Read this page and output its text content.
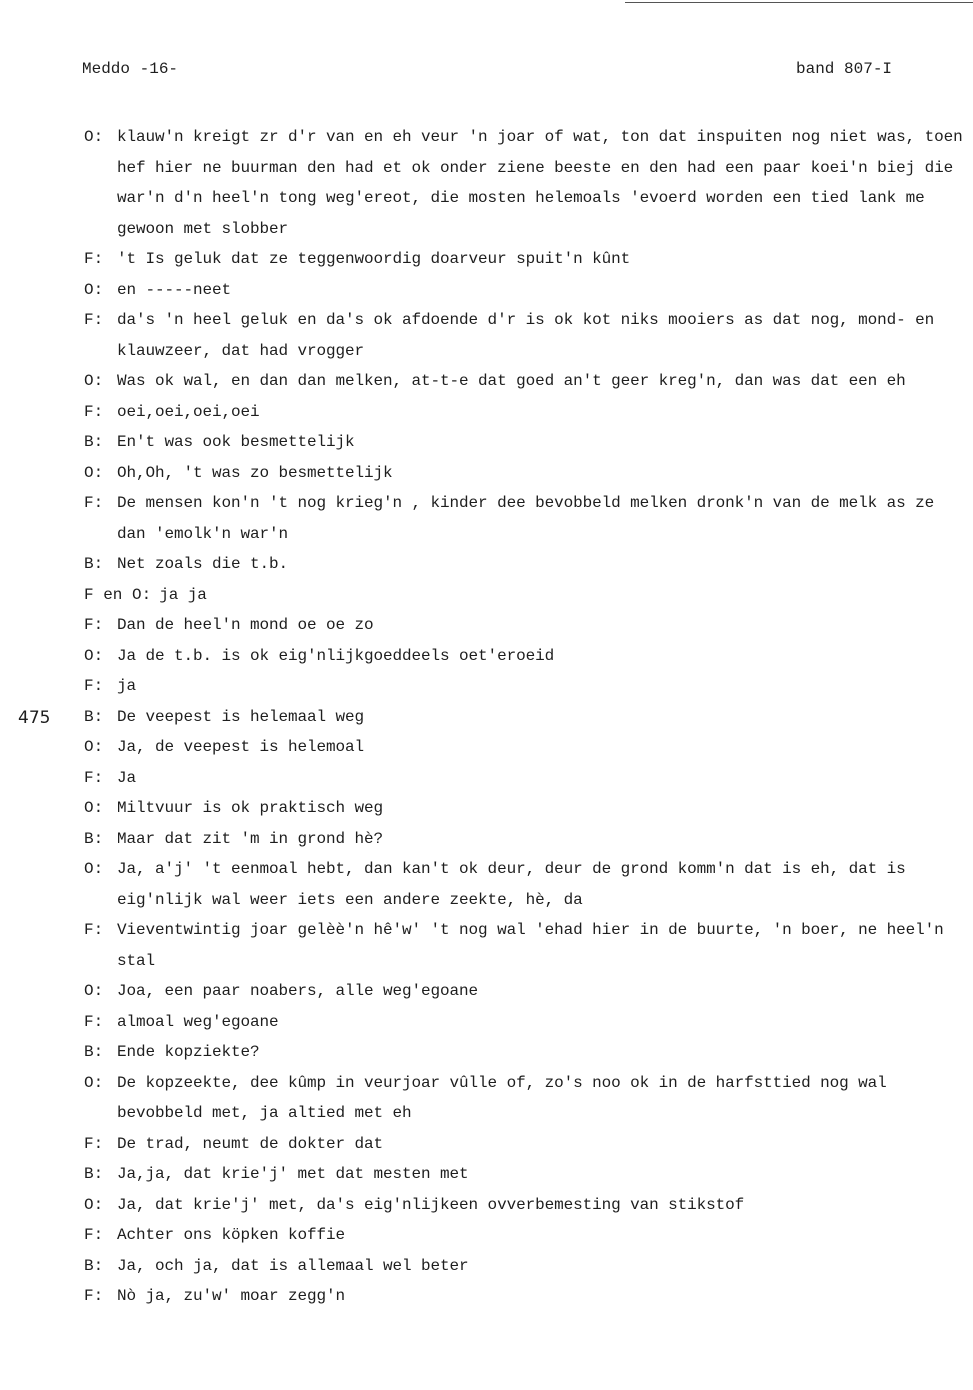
Meddo -16-	band 807-I
475
O: klauw'n kreigt zr d'r van en eh veur 'n joar of wat, ton dat inspuiten nog niet was, toen hef hier ne buurman den had et ok onder ziene beeste en den had een paar koei'n biej die war'n d'n heel'n tong weg'ereot, die mosten helemoals 'evoerd worden een tied lank me gewoon met slobber
F: 't Is geluk dat ze teggenwoordig doarveur spuit'n kûnt
O: en -----neet
F: da's 'n heel geluk en da's ok afdoende d'r is ok kot niks mooiers as dat nog, mond- en klauwzeer, dat had vrogger
O: Was ok wal, en dan dan melken, at-t-e dat goed an't geer kreg'n, dan was dat een eh
F: oei,oei,oei,oei
B: En't was ook besmettelijk
O: Oh,Oh, 't was zo besmettelijk
F: De mensen kon'n 't nog krieg'n , kinder dee bevobbeld melken dronk'n van de melk as ze dan 'emolk'n war'n
B: Net zoals die t.b.
F en O: ja ja
F: Dan de heel'n mond oe oe zo
O: Ja de t.b. is ok eig'nlijkgoeddeels oet'eroeid
F: ja
B: De veepest is helemaal weg
O: Ja, de veepest is helemoal
F: Ja
O: Miltvuur is ok praktisch weg
B: Maar dat zit 'm in grond hè?
O: Ja, a'j' 't eenmoal hebt, dan kan't ok deur, deur de grond komm'n dat is eh, dat is eig'nlijk wal weer iets een andere zeekte, hè, da
F: Vieventwintig joar gelèè'n hê'w' 't nog wal 'ehad hier in de buurte, 'n boer, ne heel'n stal
O: Joa, een paar noabers, alle weg'egoane
F: almoal weg'egoane
B: Ende kopziekte?
O: De kopzeekte, dee kûmp in veurjoar vûlle of, zo's noo ok in de harfsttied nog wal bevobbeld met, ja altied met eh
F: De trad, neumt de dokter dat
B: Ja,ja, dat krie'j' met dat mesten met
O: Ja, dat krie'j' met, da's eig'nlijkeen ovverbemesting van stikstof
F: Achter ons köpken koffie
B: Ja, och ja, dat is allemaal wel beter
F: Nò ja, zu'w' moar zegg'n
